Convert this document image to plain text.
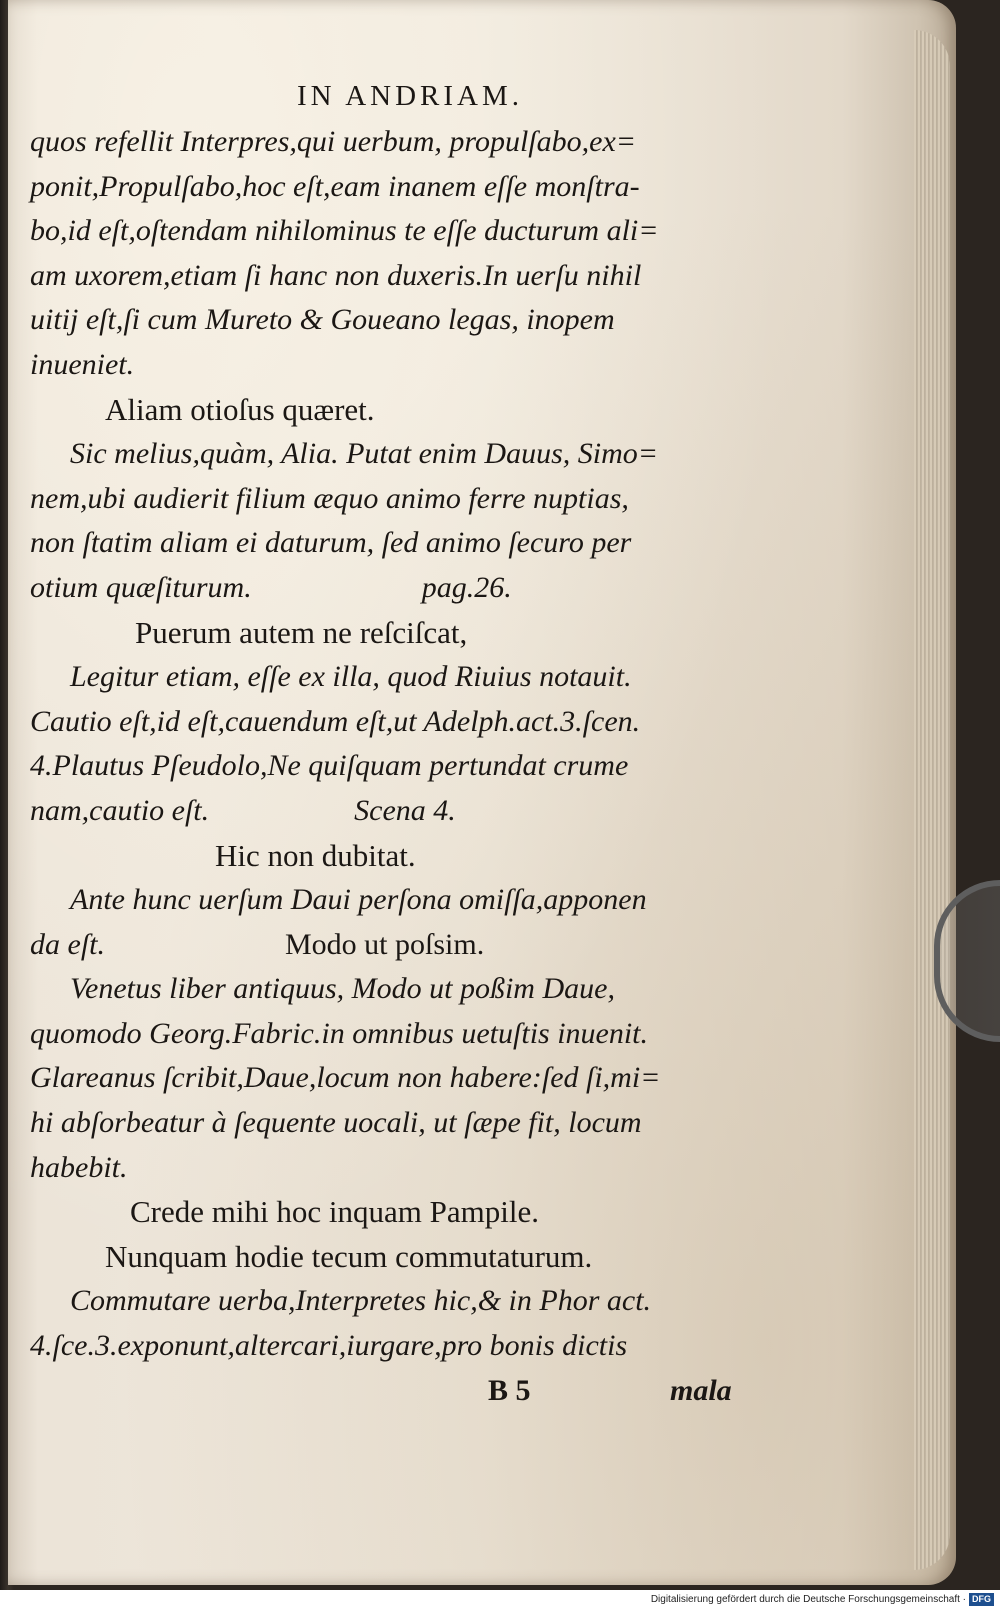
IN ANDRIAM.
quos refellit Interpres,qui uerbum, propulſabo,ex=
ponit,Propulſabo,hoc eſt,eam inanem eſſe monſtra-
bo,id eſt,oſtendam nihilominus te eſſe ducturum ali=
am uxorem,etiam ſi hanc non duxeris.In uerſu nihil
uitij eſt,ſi cum Mureto & Goueano legas, inopem
inueniet.
Aliam otioſus quæret.
Sic melius,quàm, Alia. Putat enim Dauus, Simo=
nem,ubi audierit filium æquo animo ferre nuptias,
non ſtatim aliam ei daturum, ſed animo ſecuro per
otium quæſiturum.	pag.26.
Puerum autem ne reſciſcat,
Legitur etiam, eſſe ex illa, quod Riuius notauit.
Cautio eſt,id eſt,cauendum eſt,ut Adelph.act.3.ſcen.
4.Plautus Pſeudolo,Ne quiſquam pertundat crume
nam,cautio eſt.	Scena 4.
Hic non dubitat.
Ante hunc uerſum Daui perſona omiſſa,apponen
da eſt.	Modo ut poſsim.
Venetus liber antiquus, Modo ut poßim Daue,
quomodo Georg.Fabric.in omnibus uetuſtis inuenit.
Glareanus ſcribit,Daue,locum non habere:ſed ſi,mi=
hi abſorbeatur à ſequente uocali, ut ſæpe fit, locum
habebit.
Crede mihi hoc inquam Pampile.
Nunquam hodie tecum commutaturum.
Commutare uerba,Interpretes hic,& in Phor act.
4.ſce.3.exponunt,altercari,iurgare,pro bonis dictis
B 5	mala
Digitalisierung gefördert durch die Deutsche Forschungsgemeinschaft · DFG
